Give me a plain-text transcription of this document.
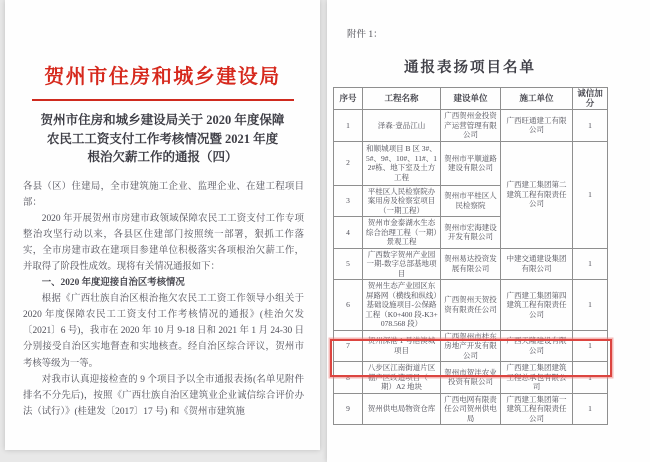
贺州市住房和城乡建设局
贺州市住房和城乡建设局关于 2020 年度保障
农民工工资支付工作考核情况暨 2021 年度
根治欠薪工作的通报（四）

各县（区）住建局，全市建筑施工企业、监理企业、在建工程项目部：

2020 年开展贺州市房建市政领域保障农民工工资支付工作专项整治攻坚行动以来，各县区住建部门按照统一部署，狠抓工作落实，全市房建市政在建项目参建单位积极落实各项根治欠薪工作，并取得了阶段性成效。现将有关情况通报如下：

一、2020 年度迎接自治区考核情况

根据《广西壮族自治区根治拖欠农民工工资工作领导小组关于 2020 年度保障农民工工资支付工作考核情况的通报》(桂治欠发〔2021〕6 号)，我市在 2020 年 10 月 9-18 日和 2021 年 1 月 24-30 日分别接受自治区实地督查和实地核查。经自治区综合评议，贺州市考核等级为一等。

对我市认真迎接检查的 9 个项目予以全市通报表扬(名单见附件排名不分先后)，按照《广西壮族自治区建筑业企业诚信综合评价办法（试行）》(桂建发〔2017〕17 号) 和《贺州市建筑施

附件 1：
通报表扬项目名单
序号	工程名称	建设单位	施工单位	诚信加分
1	泽森·壹品江山	广西贺州金投资产运营管理有限公司	广西旺通建工有限公司	1
2	和顺城项目 B 区 3#、5#、9#、10#、11#、12#栋、地下室及土方工程	贺州市平顺道路建设有限公司	广西建工集团第二建筑工程有限责任公司	1
3	平桂区人民检察院办案用房及检察室项目（一期工程）	贺州市平桂区人民检察院		
4	贺州市金泰湖水生态综合治理工程（一期）景观工程	贺州市宏海建设开发有限公司		
5	广西数字贺州产业园一期-数字总部基地项目	贺州易达投资发展有限公司	中建交通建设集团有限公司	1
6	贺州生态产业园区东屏路网（横线和纵线）基础设施项目-公保路工程（K0+400 段-K3+078.568 段）	广西贺州天贺投资有限责任公司	广西建工集团第四建筑工程有限责任公司	1
7	贺州深港 1 号港澳城项目	广西贺州市桂东房地产开发有限公司	广西天隆建设有限公司	1
8	八步区江南街道片区棚户区改造项目（一期）A2 地块	贺州市贺沣农业投资有限公司	广西建工集团建筑工程总承包有限公司	1
9	贺州供电局物资仓库	广西电网有限责任公司贺州供电局	广西建工集团第一建筑工程有限责任公司	1
